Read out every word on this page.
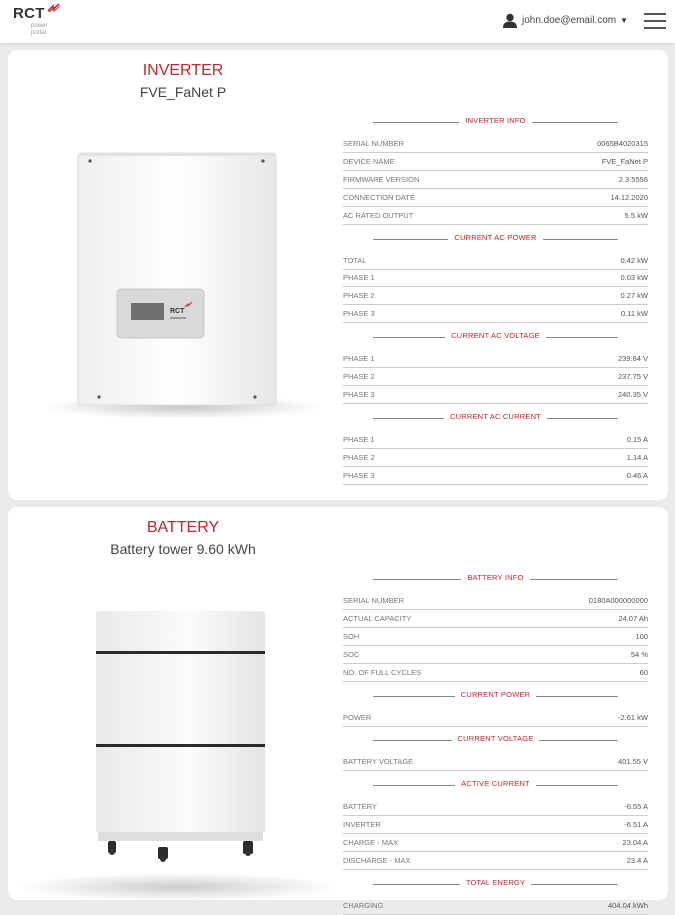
RCT
power
portal
john.doe@email.com ▼
INVERTER
FVE_FaNet P
RCT
INVERTER INFO
SERIAL NUMBER	0065B4020315
DEVICE NAME	FVE_FaNet P
FIRMWARE VERSION	2.3.5556
CONNECTION DATE	14.12.2020
AC RATED OUTPUT	5.5 kW
CURRENT AC POWER
TOTAL	0.42 kW
PHASE 1	0.03 kW
PHASE 2	0.27 kW
PHASE 3	0.11 kW
CURRENT AC VOLTAGE
PHASE 1	239.84 V
PHASE 2	237.75 V
PHASE 3	240.35 V
CURRENT AC CURRENT
PHASE 1	0.15 A
PHASE 2	1.14 A
PHASE 3	0.46 A
BATTERY
Battery tower 9.60 kWh
BATTERY INFO
SERIAL NUMBER	0180A000000000
ACTUAL CAPACITY	24.07 Ah
SOH	100
SOC	54 %
NO. OF FULL CYCLES	60
CURRENT POWER
POWER	-2.61 kW
CURRENT VOLTAGE
BATTERY VOLTAGE	401.55 V
ACTIVE CURRENT
BATTERY	-6.55 A
INVERTER	-6.51 A
CHARGE - MAX	23.04 A
DISCHARGE - MAX	23.4 A
TOTAL ENERGY
CHARGING	404.04 kWh
